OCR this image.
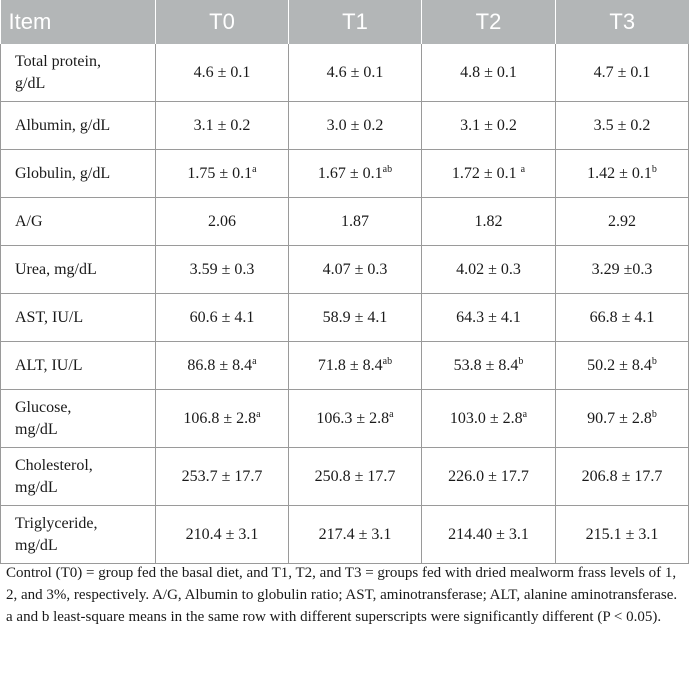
Item	T0	T1	T2	T3
Total protein,
g/dL	4.6 ± 0.1	4.6 ± 0.1	4.8 ± 0.1	4.7 ± 0.1
Albumin, g/dL	3.1 ± 0.2	3.0 ± 0.2	3.1 ± 0.2	3.5 ± 0.2
Globulin, g/dL	1.75 ± 0.1$^a$	1.67 ± 0.1$^{ab}$	1.72 ± 0.1 $^a$	1.42 ± 0.1$^b$
A/G	2.06	1.87	1.82	2.92
Urea, mg/dL	3.59 ± 0.3	4.07 ± 0.3	4.02 ± 0.3	3.29 ±0.3
AST, IU/L	60.6 ± 4.1	58.9 ± 4.1	64.3 ± 4.1	66.8 ± 4.1
ALT, IU/L	86.8 ± 8.4$^a$	71.8 ± 8.4$^{ab}$	53.8 ± 8.4$^b$	50.2 ± 8.4$^b$
Glucose,
mg/dL	106.8 ± 2.8$^a$	106.3 ± 2.8$^a$	103.0 ± 2.8$^a$	90.7 ± 2.8$^b$
Cholesterol,
mg/dL	253.7 ± 17.7	250.8 ± 17.7	226.0 ± 17.7	206.8 ± 17.7
Triglyceride,
mg/dL	210.4 ± 3.1	217.4 ± 3.1	214.40 ± 3.1	215.1 ± 3.1
Control (T0) = group fed the basal diet, and T1, T2, and T3 = groups fed with dried mealworm frass levels of 1, 2, and 3%, respectively. A/G, Albumin to globulin ratio; AST, aminotransferase; ALT, alanine aminotransferase. a and b least-square means in the same row with different superscripts were significantly different (P < 0.05).
